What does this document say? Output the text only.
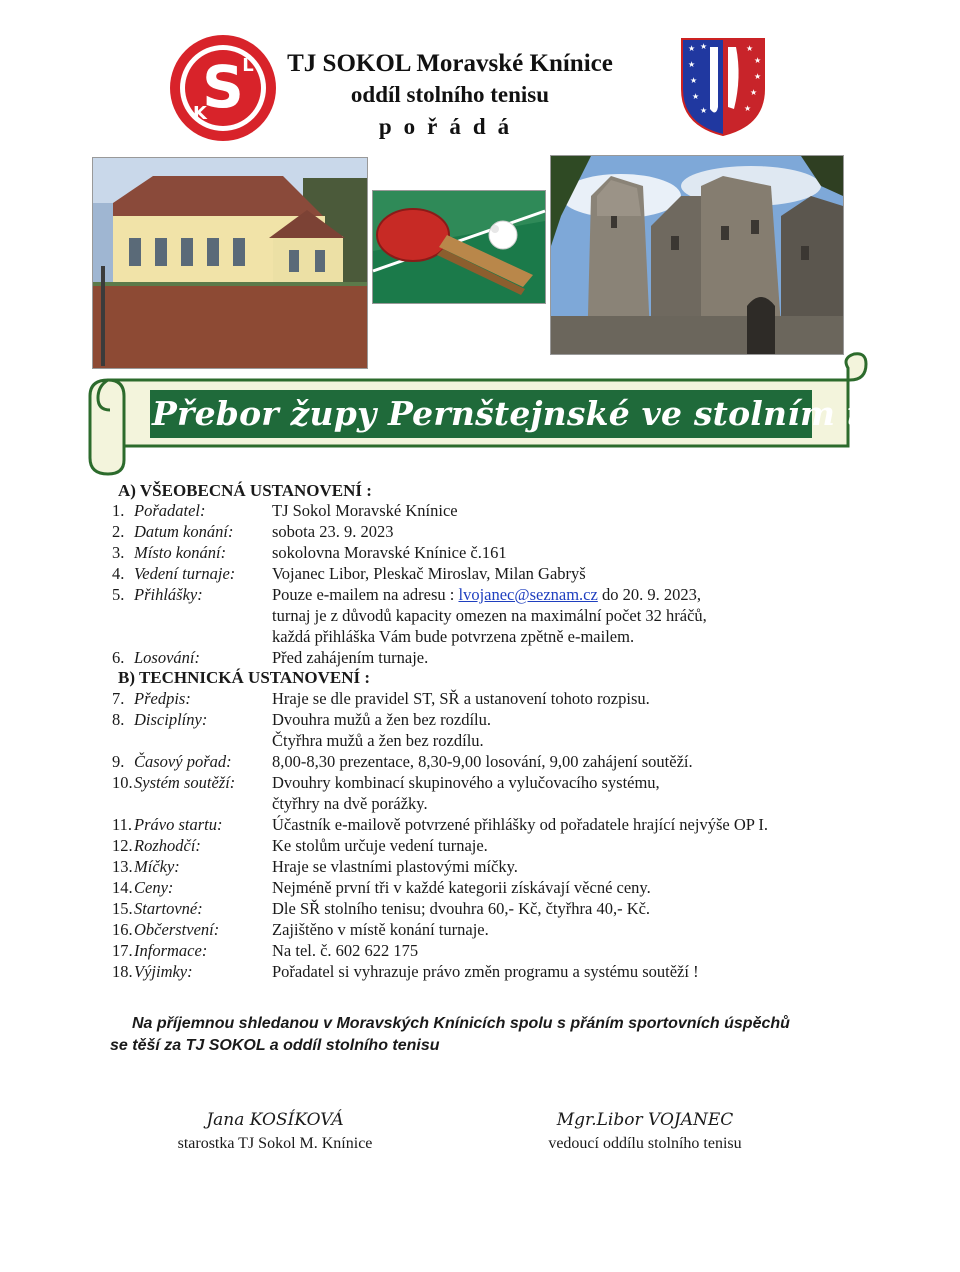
S
L
K
TJ SOKOL Moravské Knínice
oddíl stolního tenisu
pořádá
★ ★
★
★
★
★
★
★
★
★
★
Přebor župy Pernštejnské ve stolním tenise
A) VŠEOBECNÁ USTANOVENÍ :
B) TECHNICKÁ USTANOVENÍ :
1. Pořadatel:	TJ Sokol Moravské Knínice
2. Datum konání: sobota 23. 9. 2023
3. Místo konání:	sokolovna Moravské Knínice č.161
4. Vedení turnaje: Vojanec Libor, Pleskač Miroslav, Milan Gabryš
5. Přihlášky:	Pouze e-mailem na adresu : lvojanec@seznam.cz do 20. 9. 2023,
turnaj je z důvodů kapacity omezen na maximální počet 32 hráčů,
každá přihláška Vám bude potvrzena zpětně e-mailem.
6. Losování:	Před zahájením turnaje.
7. Předpis:	Hraje se dle pravidel ST, SŘ a ustanovení tohoto rozpisu.
8. Disciplíny:	Dvouhra mužů a žen bez rozdílu.
Čtyřhra mužů a žen bez rozdílu.
9. Časový pořad: 8,00-8,30 prezentace, 8,30-9,00 losování, 9,00 zahájení soutěží.
10. Systém soutěží: Dvouhry kombinací skupinového a vylučovacího systému,
čtyřhry na dvě porážky.
11. Právo startu:	Účastník e-mailově potvrzené přihlášky od pořadatele hrající nejvýše OP I.
12. Rozhodčí:	Ke stolům určuje vedení turnaje.
13. Míčky:	Hraje se vlastními plastovými míčky.
14. Ceny:	Nejméně první tři v každé kategorii získávají věcné ceny.
15. Startovné:	Dle SŘ stolního tenisu; dvouhra 60,- Kč, čtyřhra 40,- Kč.
16. Občerstvení:	Zajištěno v místě konání turnaje.
17. Informace:	Na tel. č. 602 622 175
18. Výjimky:	Pořadatel si vyhrazuje právo změn programu a systému soutěží !
Na příjemnou shledanou v Moravských Knínicích spolu s přáním sportovních úspěchů
se těší za TJ SOKOL a oddíl stolního tenisu
Jana KOSÍKOVÁ
starostka TJ Sokol M. Knínice
Mgr.Libor VOJANEC
vedoucí oddílu stolního tenisu
